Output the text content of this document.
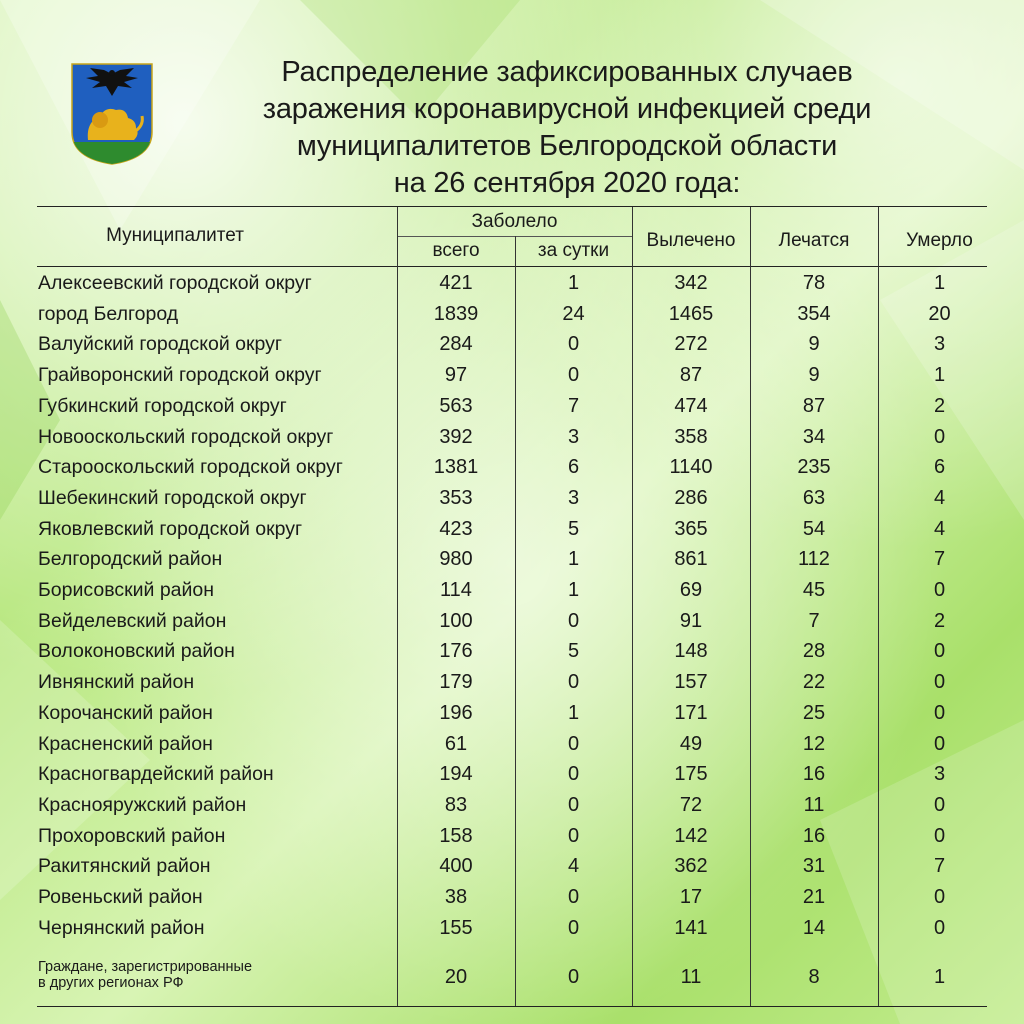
Распределение зафиксированных случаев
заражения коронавирусной инфекцией среди
муниципалитетов Белгородской области
на 26 сентября 2020 года:
Муниципалитет
Заболело
всего	за сутки	Вылечено	Лечатся	Умерло
Алексеевский городской округ	421	1	342	78	1
город Белгород	1839	24	1465	354	20
Валуйский городской округ	284	0	272	9	3
Грайворонский городской округ	97	0	87	9	1
Губкинский городской округ	563	7	474	87	2
Новооскольский городской округ	392	3	358	34	0
Старооскольский городской округ	1381	6	1140	235	6
Шебекинский городской округ	353	3	286	63	4
Яковлевский городской округ	423	5	365	54	4
Белгородский район	980	1	861	112	7
Борисовский район	114	1	69	45	0
Вейделевский район	100	0	91	7	2
Волоконовский район	176	5	148	28	0
Ивнянский район	179	0	157	22	0
Корочанский район	196	1	171	25	0
Красненский район	61	0	49	12	0
Красногвардейский район	194	0	175	16	3
Краснояружский район	83	0	72	11	0
Прохоровский район	158	0	142	16	0
Ракитянский район	400	4	362	31	7
Ровеньский район	38	0	17	21	0
Чернянский район	155	0	141	14	0
Граждане, зарегистрированные
в других регионах РФ	20	0	11	8	1
